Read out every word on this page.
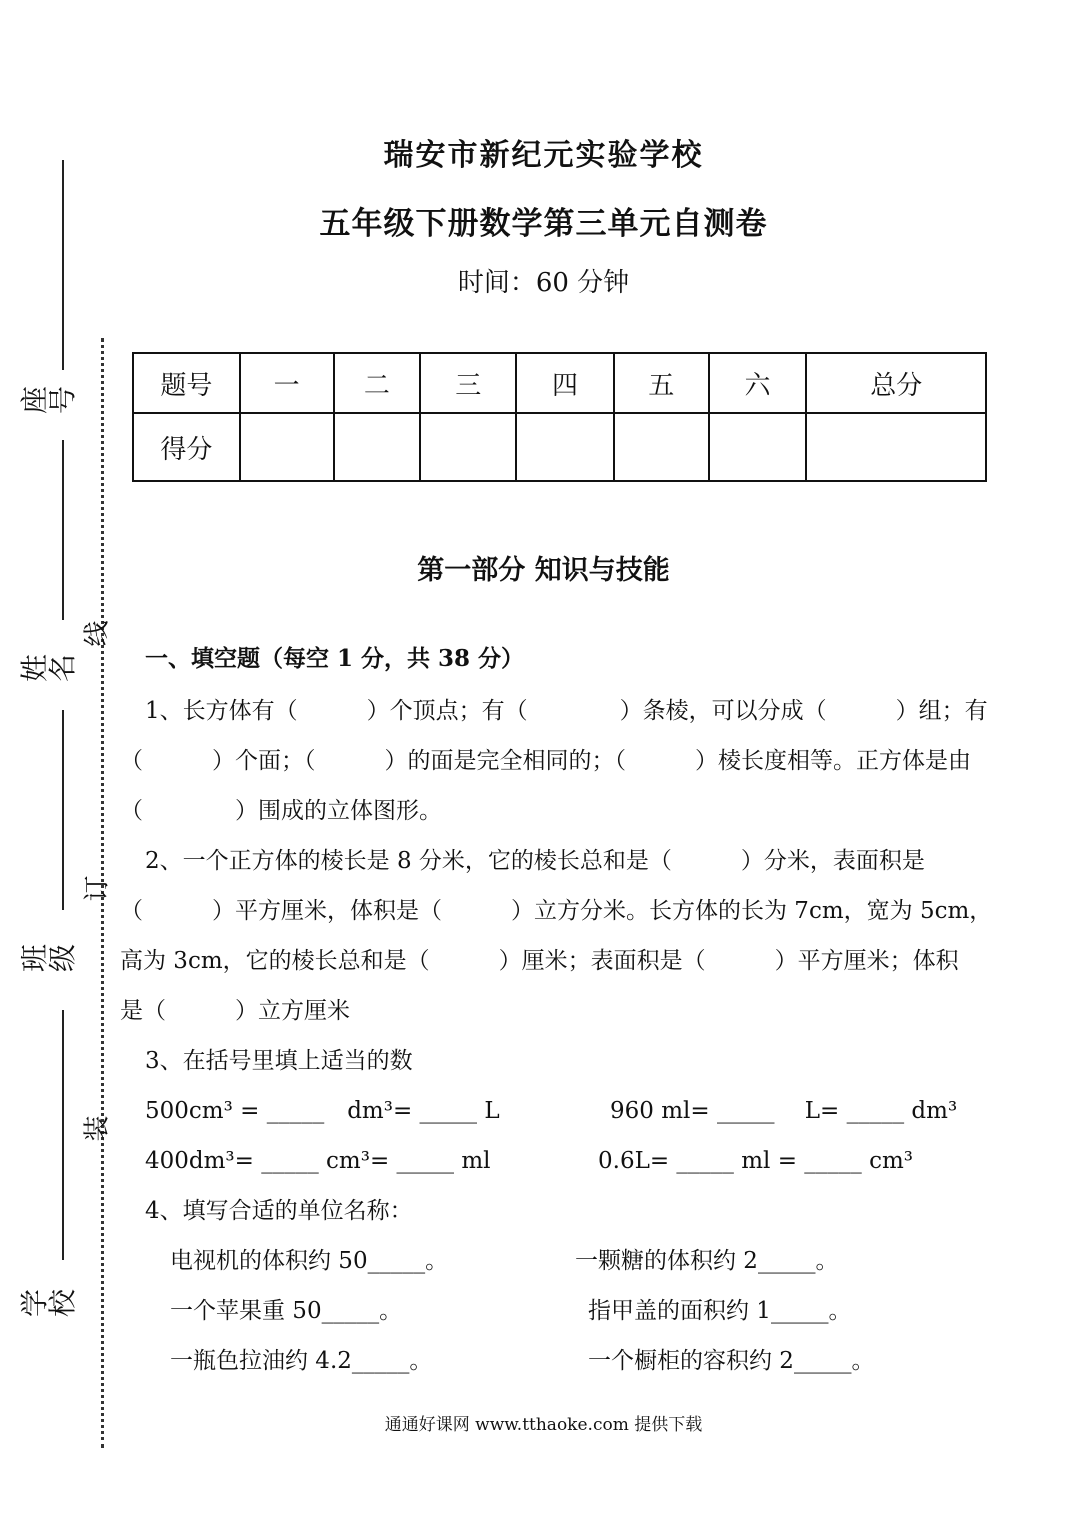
座号
姓名
班级
学校
线
订
装
瑞安市新纪元实验学校
五年级下册数学第三单元自测卷
时间：60 分钟
题号	一	二	三	四	五	六	总分
得分							
第一部分 知识与技能
一、填空题（每空 1 分，共 38 分）
1、长方体有（　　　）个顶点；有（　　　　）条棱，可以分成（　　　）组；有
（　　　）个面；（　　　）的面是完全相同的；（　　　）棱长度相等。正方体是由
（　　　　）围成的立体图形。
2、一个正方体的棱长是 8 分米，它的棱长总和是（　　　）分米，表面积是
（　　　）平方厘米，体积是（　　　）立方分米。长方体的长为 7cm，宽为 5cm，
高为 3cm，它的棱长总和是（　　　）厘米；表面积是（　　　）平方厘米；体积
是（　　　）立方厘米
3、在括号里填上适当的数
500cm³ = _____　dm³= _____ L	960 ml= _____　 L= _____ dm³
400dm³= _____ cm³= _____ ml	0.6L= _____ ml = _____ cm³
4、填写合适的单位名称：
电视机的体积约 50_____。	一颗糖的体积约 2_____。
一个苹果重 50_____。	指甲盖的面积约 1_____。
一瓶色拉油约 4.2_____。	一个橱柜的容积约 2_____。
通通好课网 www.tthaoke.com 提供下载
